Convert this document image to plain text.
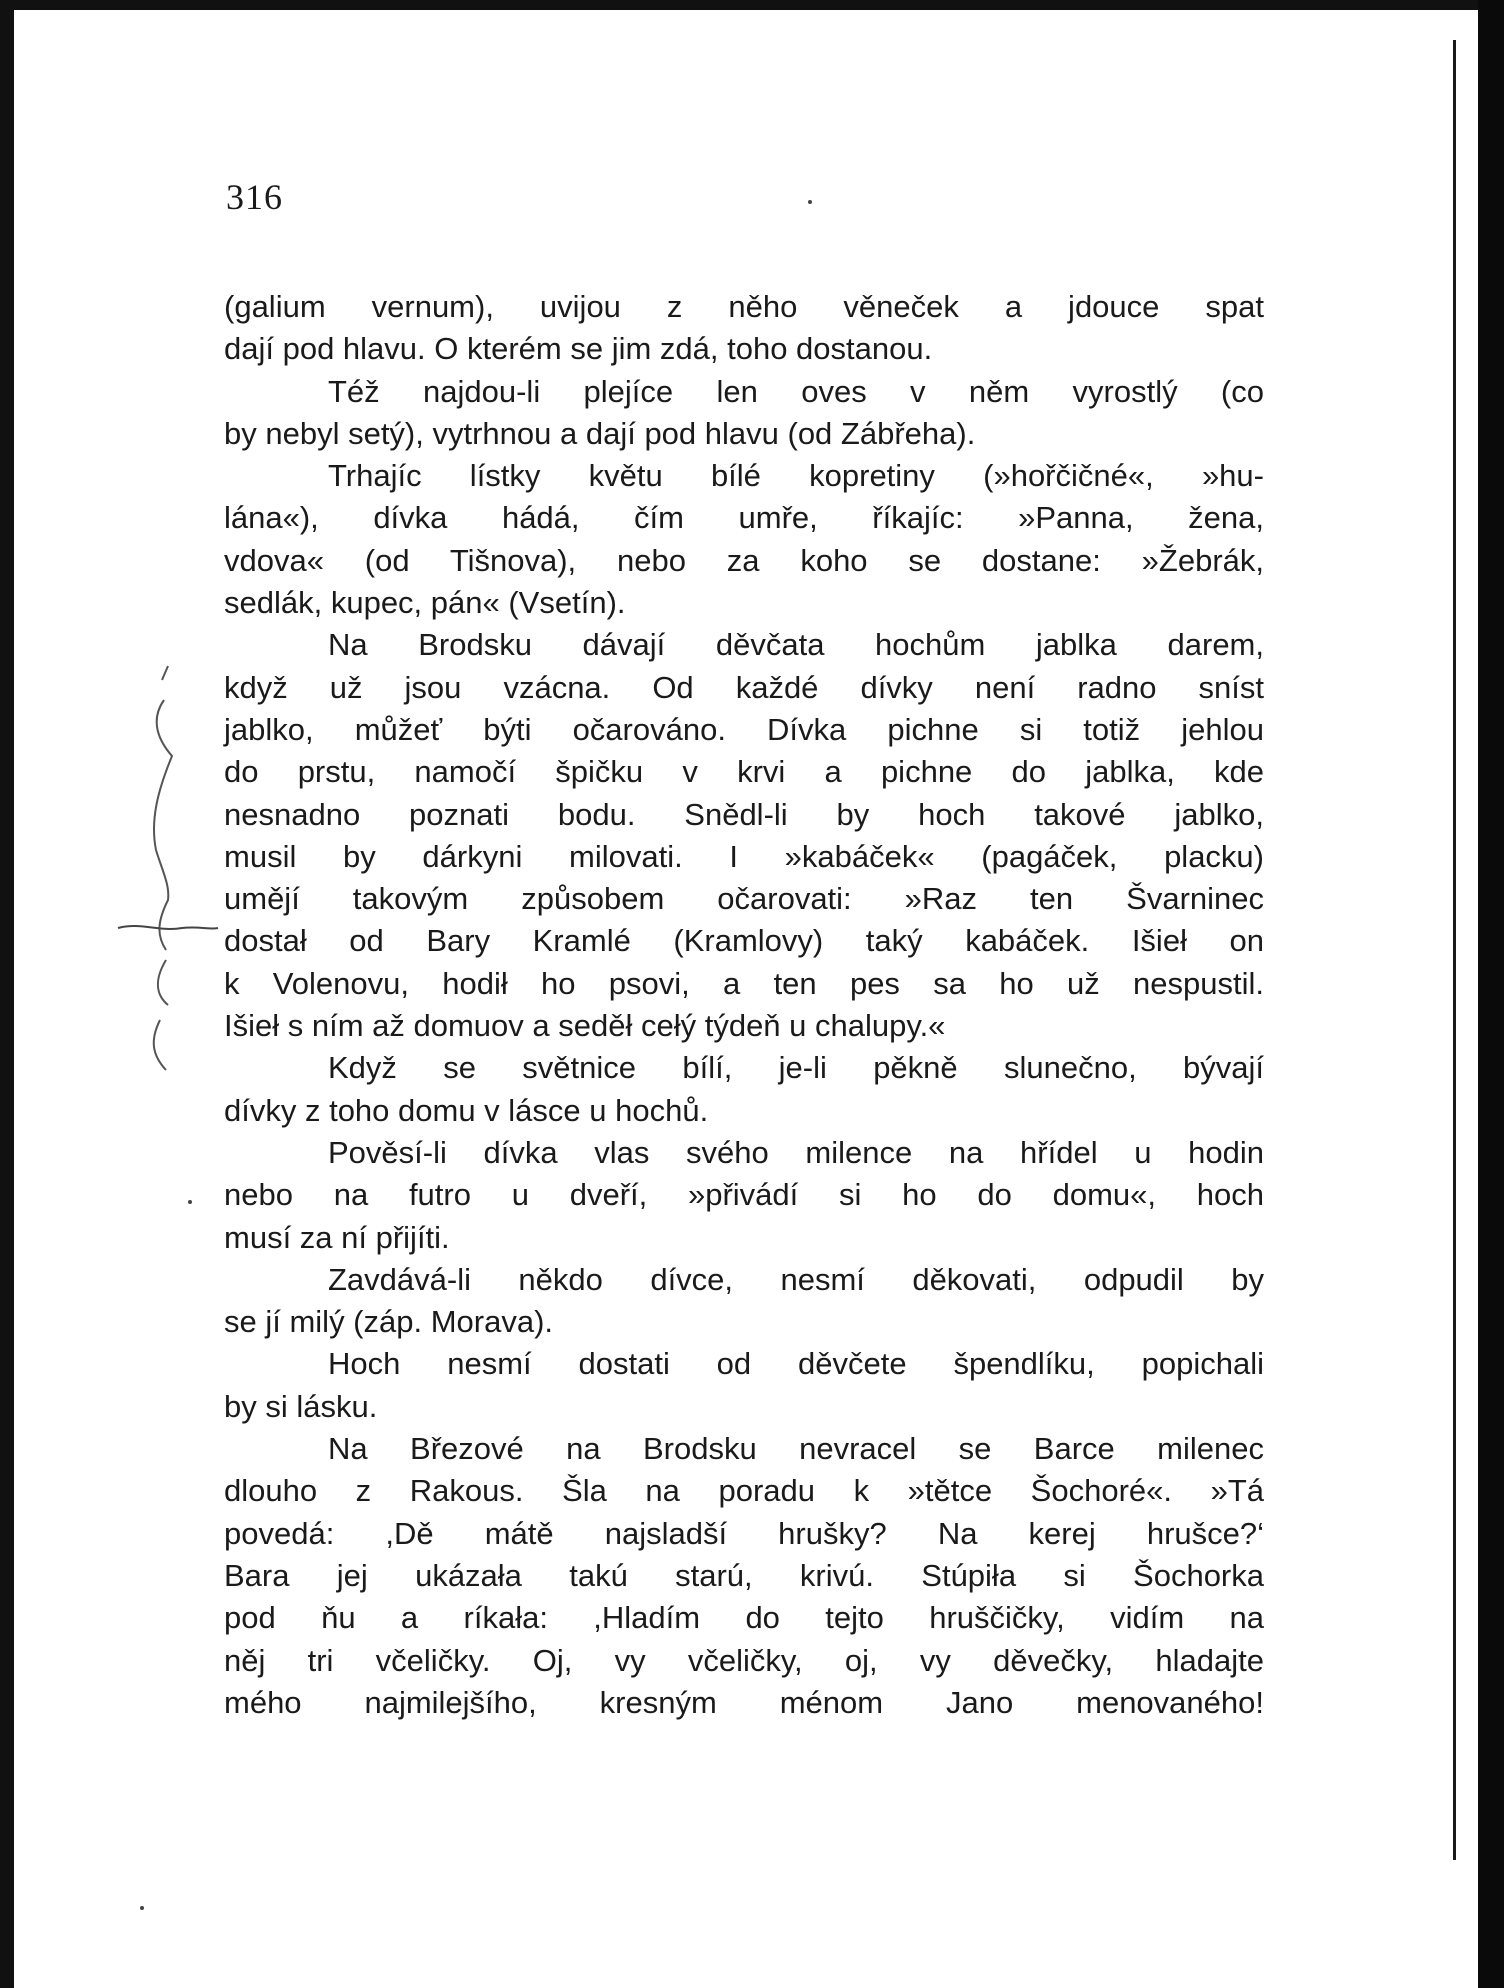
316
(galium vernum), uvijou z něho věneček a jdouce spat
dají pod hlavu. O kterém se jim zdá, toho dostanou.
Též najdou-li plejíce len oves v něm vyrostlý (co
by nebyl setý), vytrhnou a dají pod hlavu (od Zábřeha).
Trhajíc lístky květu bílé kopretiny (»hořčičné«, »hu-
lána«), dívka hádá, čím umře, říkajíc: »Panna, žena,
vdova« (od Tišnova), nebo za koho se dostane: »Žebrák,
sedlák, kupec, pán« (Vsetín).
Na Brodsku dávají děvčata hochům jablka darem,
když už jsou vzácna. Od každé dívky není radno sníst
jablko, můžeť býti očarováno. Dívka pichne si totiž jehlou
do prstu, namočí špičku v krvi a pichne do jablka, kde
nesnadno poznati bodu. Snědl-li by hoch takové jablko,
musil by dárkyni milovati. I »kabáček« (pagáček, placku)
umějí takovým způsobem očarovati: »Raz ten Švarninec
dostał od Bary Kramlé (Kramlovy) taký kabáček. Išieł on
k Volenovu, hodił ho psovi, a ten pes sa ho už nespustil.
Išieł s ním až domuov a seděł cełý týdeň u chalupy.«
Když se světnice bílí, je-li pěkně slunečno, bývají
dívky z toho domu v lásce u hochů.
Pověsí-li dívka vlas svého milence na hřídel u hodin
nebo na futro u dveří, »přivádí si ho do domu«, hoch
musí za ní přijíti.
Zavdává-li někdo dívce, nesmí děkovati, odpudil by
se jí milý (záp. Morava).
Hoch nesmí dostati od děvčete špendlíku, popichali
by si lásku.
Na Březové na Brodsku nevracel se Barce milenec
dlouho z Rakous. Šla na poradu k »tětce Šochoré«. »Tá
povedá: ,Dě mátě najsladší hrušky? Na kerej hrušce?‘
Bara jej ukázała takú starú, krivú. Stúpiła si Šochorka
pod ňu a ríkała: ,Hladím do tejto hruščičky, vidím na
něj tri včeličky. Oj, vy včeličky, oj, vy děvečky, hladajte
mého najmilejšího, kresným ménom Jano menovaného!
